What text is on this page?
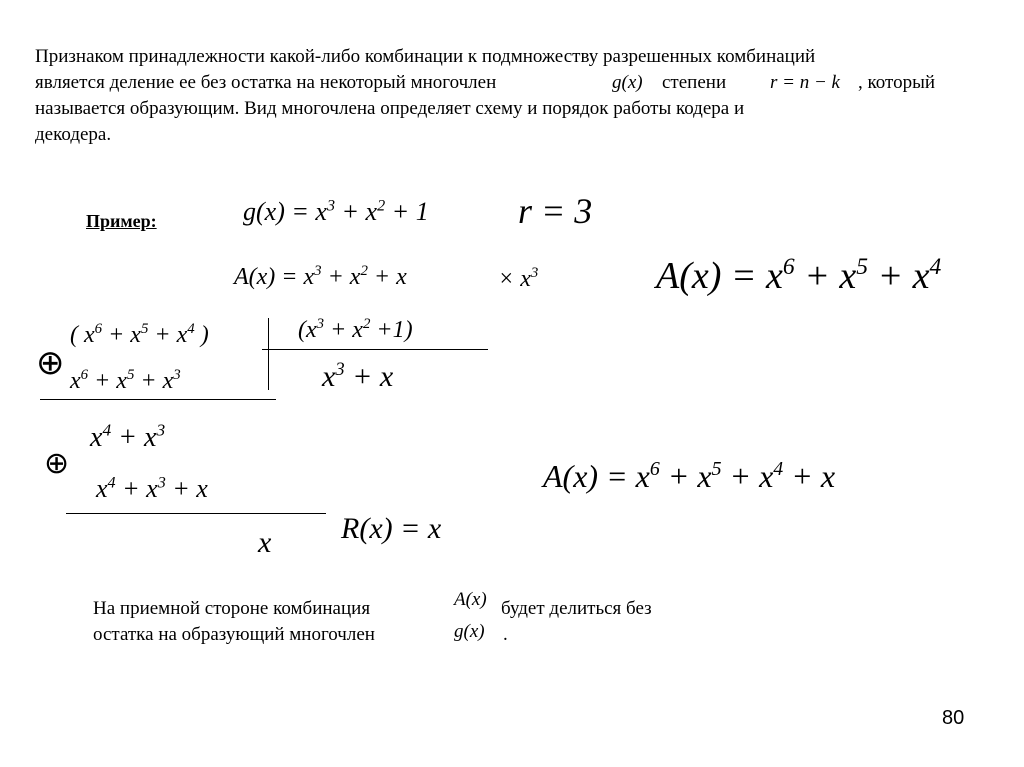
Признаком принадлежности какой-либо комбинации к подмножеству разрешенных комбинаций
является деление ее без остатка на некоторый многочлен	g(x) степени r = n − k , который
называется образующим. Вид многочлена определяет схему и порядок работы кодера и
декодера.
Пример:	$g(x) = x^3 + x^2 + 1$ r = 3
$A(x) = x^3 + x^2 + x$	× $x^3$	$A(x) = x^6 + x^5 + x^4$
( $x^6 + x^5 + x^4$ )	$(x^3 + x^2 +1)$
⊕ $x^6 + x^5 + x^3$	$x^3 + x$
$x^4 + x^3$
⊕
$x^4 + x^3 + x$
x R(x) = x
$A(x) = x^6 + x^5 + x^4 + x$
На приемной стороне комбинация	A(x) будет делиться без
остатка на образующий многочлен	g(x) .
80
